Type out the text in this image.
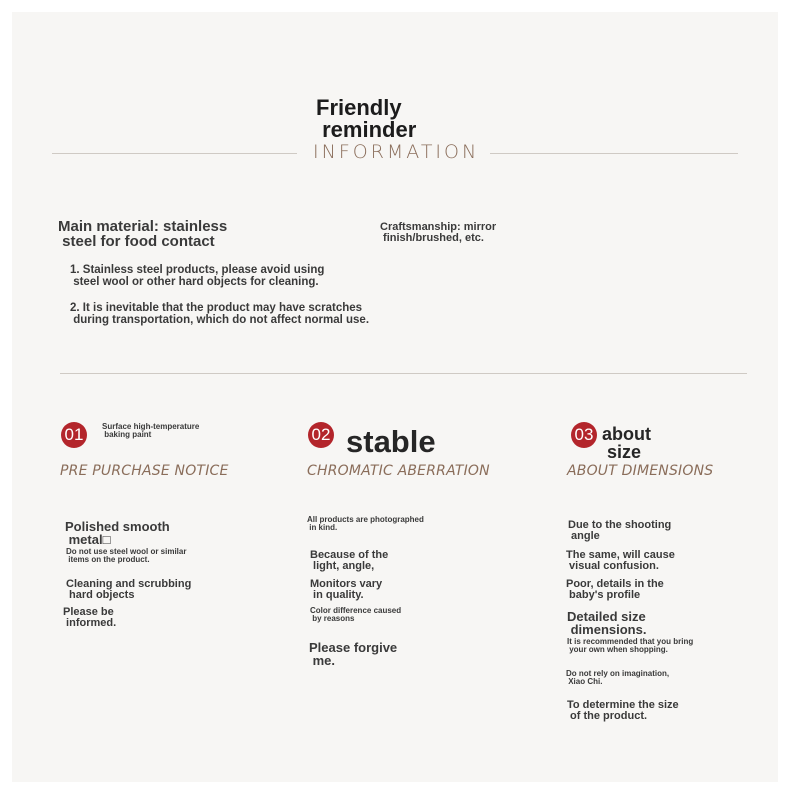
Friendly
reminder
INFORMATION
Main material: stainless
steel for food contact
Craftsmanship: mirror
finish/brushed, etc.
1. Stainless steel products, please avoid using
steel wool or other hard objects for cleaning.
2. It is inevitable that the product may have scratches
during transportation, which do not affect normal use.
01	Surface high-temperature
baking paint
PRE PURCHASE NOTICE
Polished smooth
metal□
Do not use steel wool or similar
items on the product.
Cleaning and scrubbing
hard objects
Please be
informed.
02 stable
CHROMATIC ABERRATION
All products are photographed
in kind.
Because of the
light, angle,
Monitors vary
in quality.
Color difference caused
by reasons
Please forgive
me.
03 about
size
ABOUT DIMENSIONS
Due to the shooting
angle
The same, will cause
visual confusion.
Poor, details in the
baby's profile
Detailed size
dimensions.
It is recommended that you bring
your own when shopping.
Do not rely on imagination,
Xiao Chi.
To determine the size
of the product.
